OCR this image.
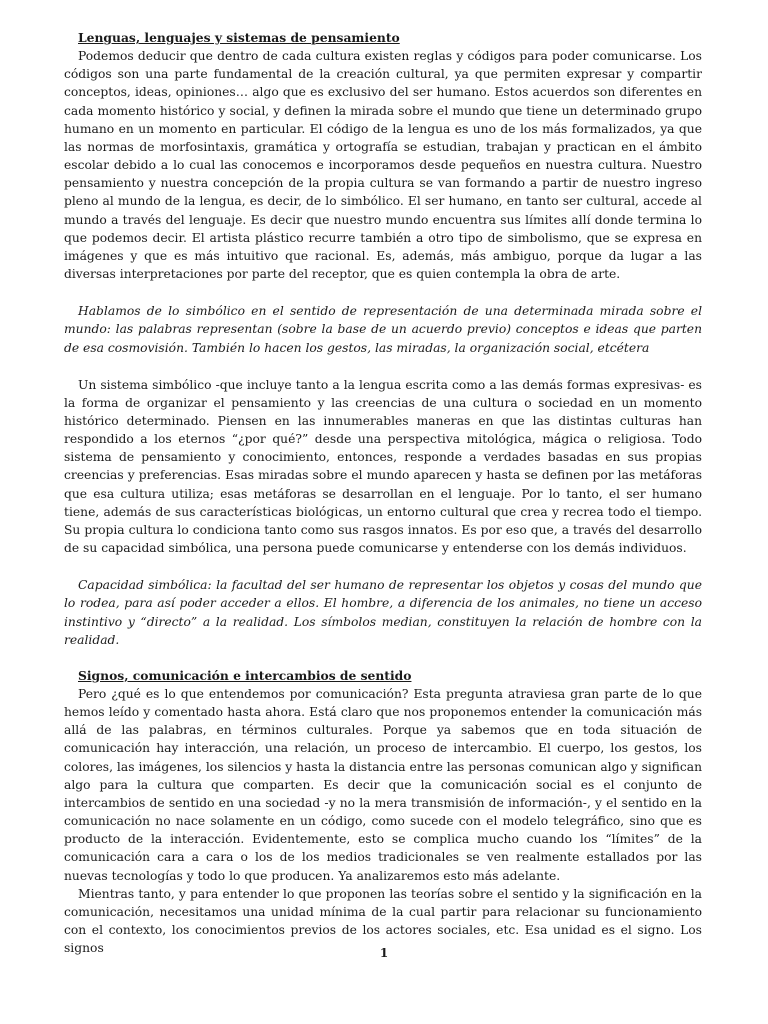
Lenguas, lenguajes y sistemas de pensamiento

Podemos deducir que dentro de cada cultura existen reglas y códigos para poder comunicarse. Los códigos son una parte fundamental de la creación cultural, ya que permiten expresar y compartir conceptos, ideas, opiniones… algo que es exclusivo del ser humano. Estos acuerdos son diferentes en cada momento histórico y social, y definen la mirada sobre el mundo que tiene un determinado grupo humano en un momento en particular. El código de la lengua es uno de los más formalizados, ya que las normas de morfosintaxis, gramática y ortografía se estudian, trabajan y practican en el ámbito escolar debido a lo cual las conocemos e incorporamos desde pequeños en nuestra cultura. Nuestro pensamiento y nuestra concepción de la propia cultura se van formando a partir de nuestro ingreso pleno al mundo de la lengua, es decir, de lo simbólico. El ser humano, en tanto ser cultural, accede al mundo a través del lenguaje. Es decir que nuestro mundo encuentra sus límites allí donde termina lo que podemos decir. El artista plástico recurre también a otro tipo de simbolismo, que se expresa en imágenes y que es más intuitivo que racional. Es, además, más ambiguo, porque da lugar a las diversas interpretaciones por parte del receptor, que es quien contempla la obra de arte.

Hablamos de lo simbólico en el sentido de representación de una determinada mirada sobre el mundo: las palabras representan (sobre la base de un acuerdo previo) conceptos e ideas que parten de esa cosmovisión. También lo hacen los gestos, las miradas, la organización social, etcétera

Un sistema simbólico -que incluye tanto a la lengua escrita como a las demás formas expresivas- es la forma de organizar el pensamiento y las creencias de una cultura o sociedad en un momento histórico determinado. Piensen en las innumerables maneras en que las distintas culturas han respondido a los eternos “¿por qué?” desde una perspectiva mitológica, mágica o religiosa. Todo sistema de pensamiento y conocimiento, entonces, responde a verdades basadas en sus propias creencias y preferencias. Esas miradas sobre el mundo aparecen y hasta se definen por las metáforas que esa cultura utiliza; esas metáforas se desarrollan en el lenguaje. Por lo tanto, el ser humano tiene, además de sus características biológicas, un entorno cultural que crea y recrea todo el tiempo. Su propia cultura lo condiciona tanto como sus rasgos innatos. Es por eso que, a través del desarrollo de su capacidad simbólica, una persona puede comunicarse y entenderse con los demás individuos.

Capacidad simbólica: la facultad del ser humano de representar los objetos y cosas del mundo que lo rodea, para así poder acceder a ellos. El hombre, a diferencia de los animales, no tiene un acceso instintivo y “directo” a la realidad. Los símbolos median, constituyen la relación de hombre con la realidad.

Signos, comunicación e intercambios de sentido

Pero ¿qué es lo que entendemos por comunicación? Esta pregunta atraviesa gran parte de lo que hemos leído y comentado hasta ahora. Está claro que nos proponemos entender la comunicación más allá de las palabras, en términos culturales. Porque ya sabemos que en toda situación de comunicación hay interacción, una relación, un proceso de intercambio. El cuerpo, los gestos, los colores, las imágenes, los silencios y hasta la distancia entre las personas comunican algo y significan algo para la cultura que comparten. Es decir que la comunicación social es el conjunto de intercambios de sentido en una sociedad -y no la mera transmisión de información-, y el sentido en la comunicación no nace solamente en un código, como sucede con el modelo telegráfico, sino que es producto de la interacción. Evidentemente, esto se complica mucho cuando los “límites” de la comunicación cara a cara o los de los medios tradicionales se ven realmente estallados por las nuevas tecnologías y todo lo que producen. Ya analizaremos esto más adelante.

Mientras tanto, y para entender lo que proponen las teorías sobre el sentido y la significación en la comunicación, necesitamos una unidad mínima de la cual partir para relacionar su funcionamiento con el contexto, los conocimientos previos de los actores sociales, etc. Esa unidad es el signo. Los signos	1
